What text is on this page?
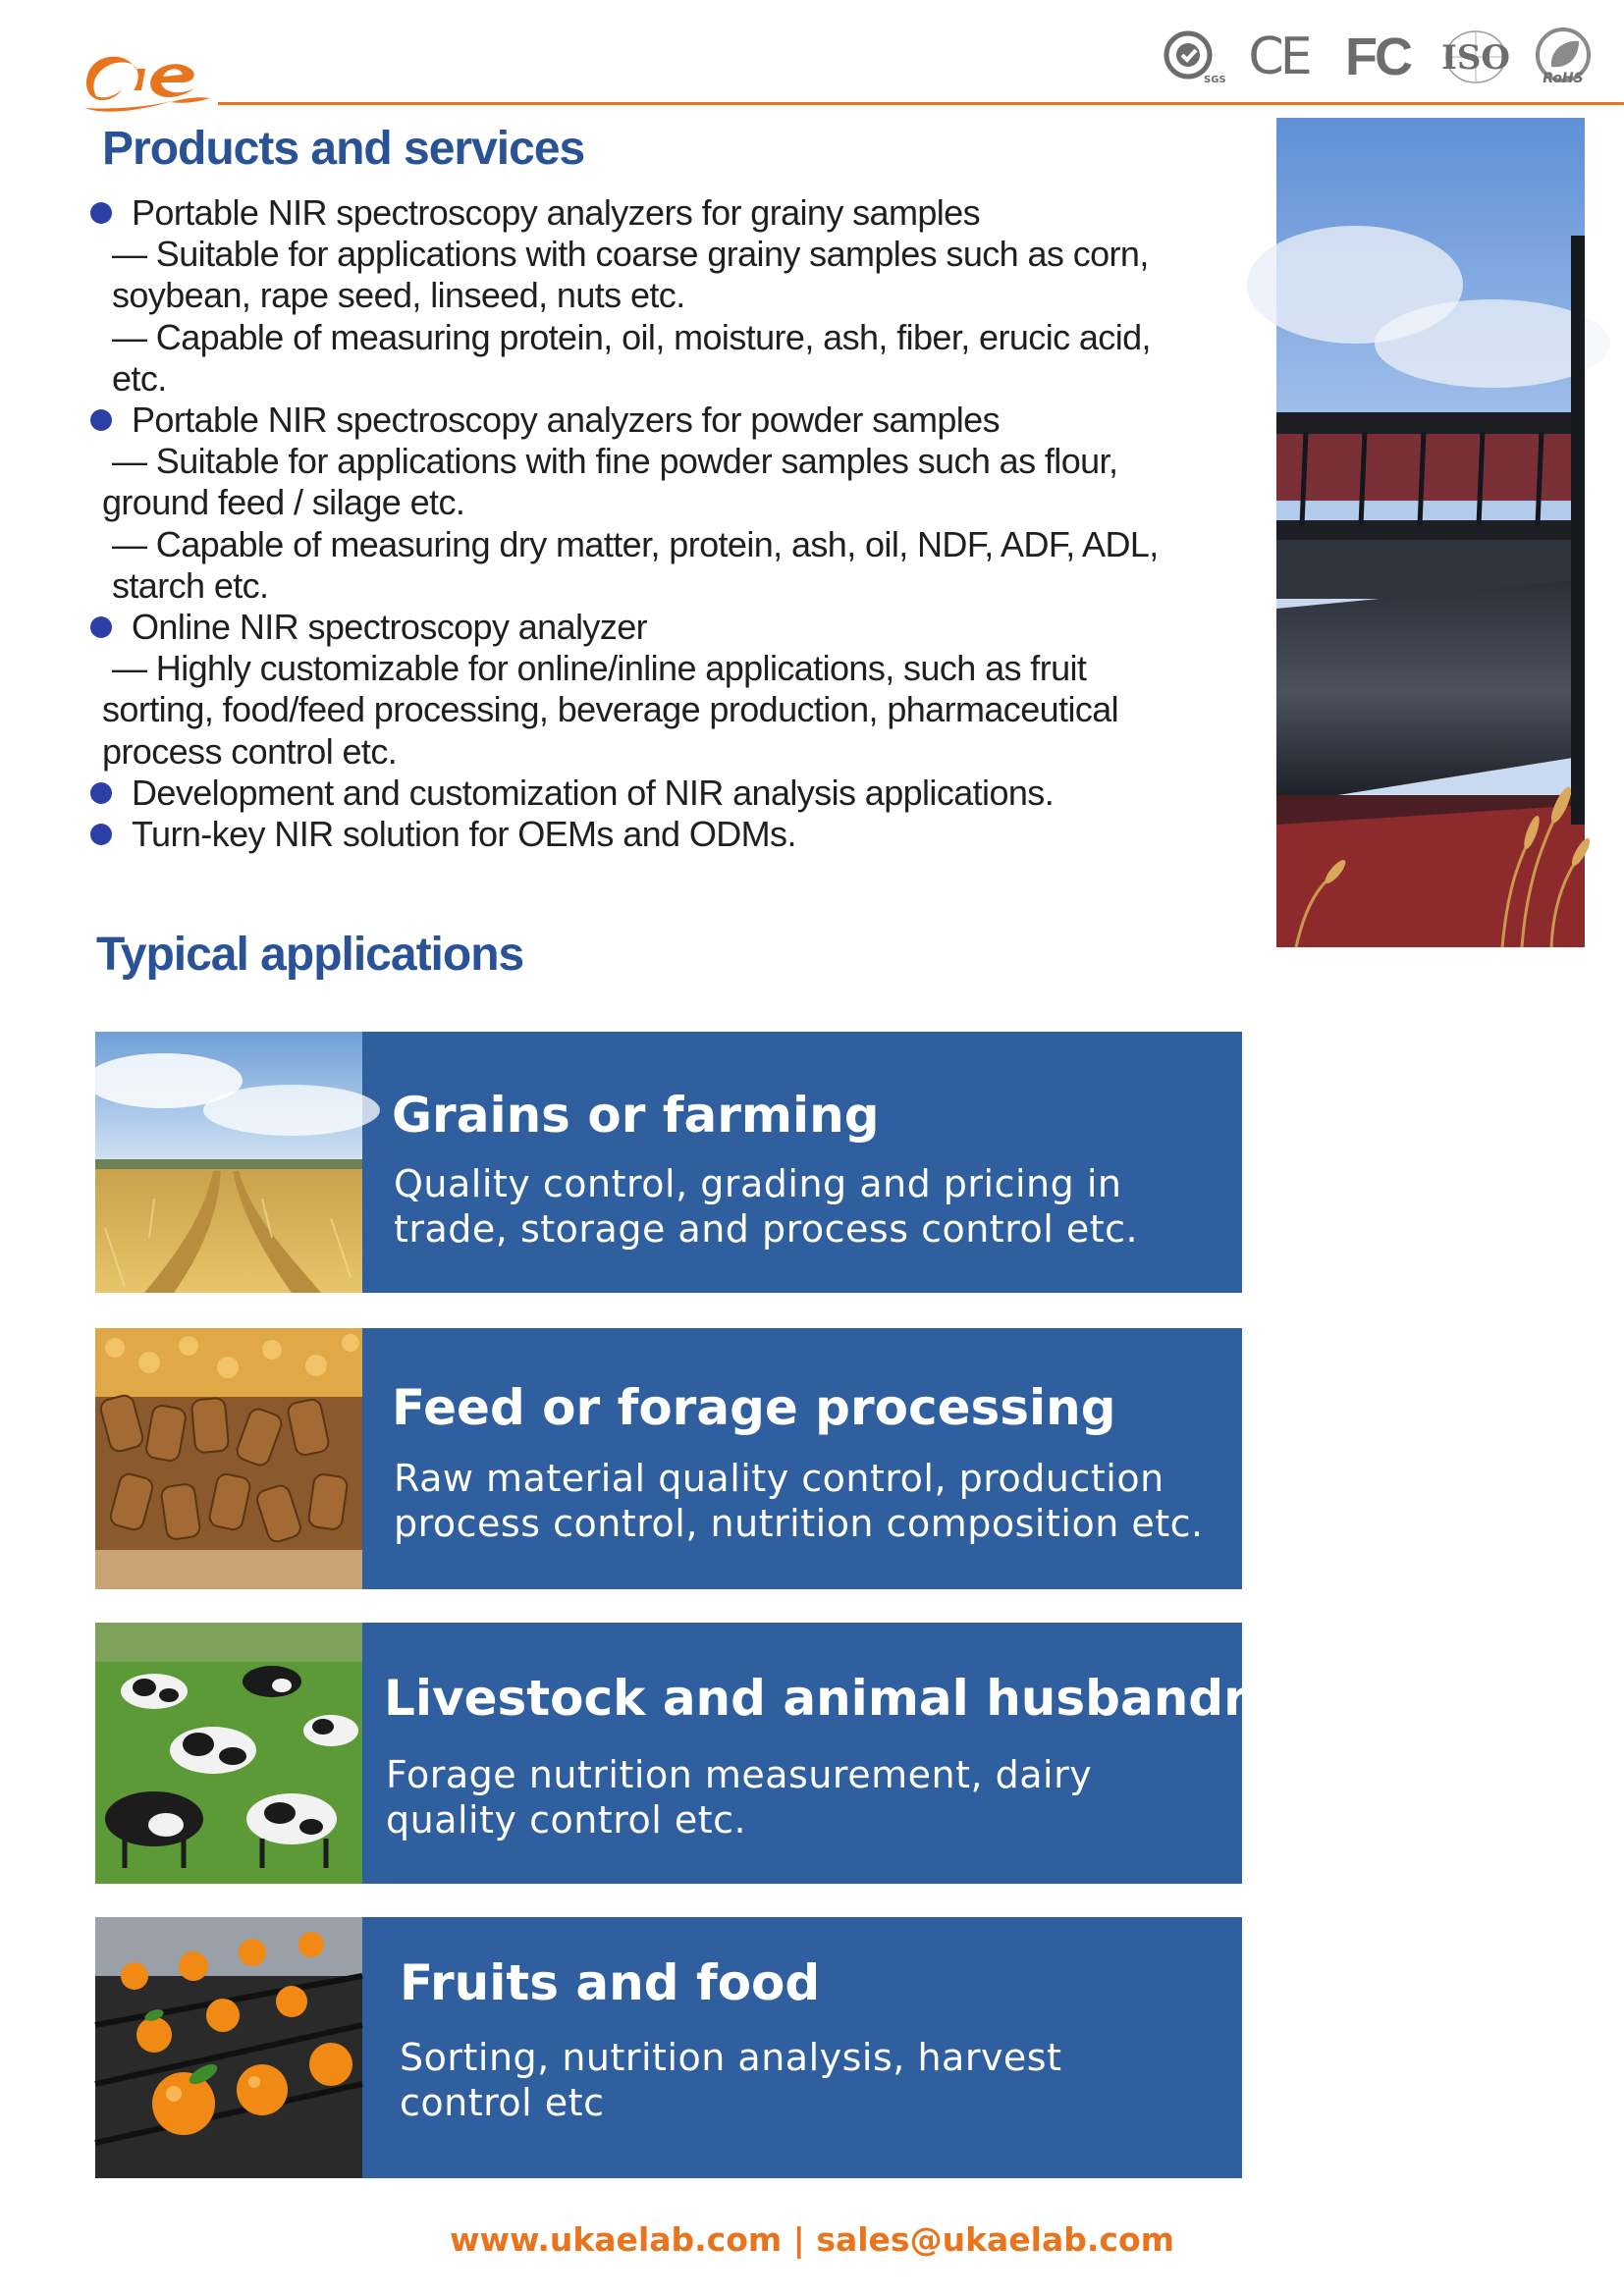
ae
SGS CE FC ISO
RoHS
Products and services
Portable NIR spectroscopy analyzers for grainy samples
— Suitable for applications with coarse grainy samples such as corn,
soybean, rape seed, linseed, nuts etc.
— Capable of measuring protein, oil, moisture, ash, fiber, erucic acid,
etc.
Portable NIR spectroscopy analyzers for powder samples
— Suitable for applications with fine powder samples such as flour,
ground feed / silage etc.
— Capable of measuring dry matter, protein, ash, oil, NDF, ADF, ADL,
starch etc.
Online NIR spectroscopy analyzer
— Highly customizable for online/inline applications, such as fruit
sorting, food/feed processing, beverage production, pharmaceutical
process control etc.
Development and customization of NIR analysis applications.
Turn-key NIR solution for OEMs and ODMs.
Typical applications
Grains or farming

Quality control, grading and pricing in
trade, storage and process control etc.

Feed or forage processing

Raw material quality control, production
process control, nutrition composition etc.

Livestock and animal husbandry

Forage nutrition measurement, dairy
quality control etc.

Fruits and food

Sorting, nutrition analysis, harvest
control etc

www.ukaelab.com | sales@ukaelab.com
